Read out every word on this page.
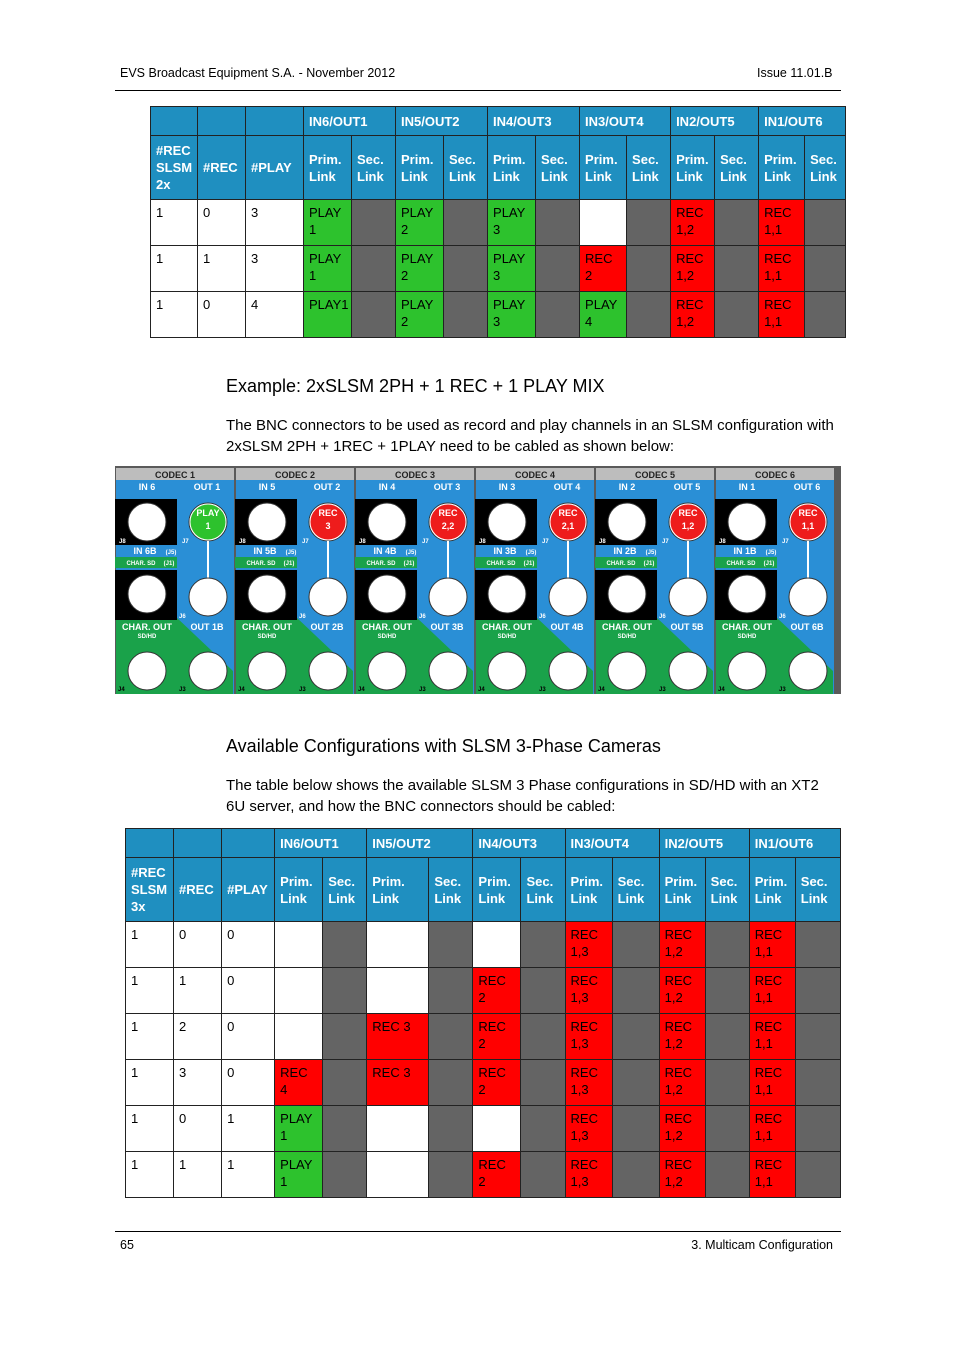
EVS Broadcast Equipment S.A. - November 2012	Issue 11.01.B
			IN6/OUT1		IN5/OUT2		IN4/OUT3		IN3/OUT4		IN2/OUT5		IN1/OUT6	
#REC SLSM 2x	#REC	#PLAY	Prim. Link	Sec. Link	Prim. Link	Sec. Link	Prim. Link	Sec. Link	Prim. Link	Sec. Link	Prim. Link	Sec. Link	Prim. Link	Sec. Link
1	0	3	PLAY 1		PLAY 2		PLAY 3				REC 1,2		REC 1,1	
1	1	3	PLAY 1		PLAY 2		PLAY 3		REC 2		REC 1,2		REC 1,1	
1	0	4	PLAY1		PLAY 2		PLAY 3		PLAY 4		REC 1,2		REC 1,1	
Example: 2xSLSM 2PH + 1 REC + 1 PLAY MIX

The BNC connectors to be used as record and play channels in an SLSM configuration with 2xSLSM 2PH + 1REC + 1PLAY need to be cabled as shown below:

CODEC 1
IN 6	OUT 1
J8	J7
PLAY
1
IN 6B (J5)
CHAR. SD (J1)
J6
CHAR. OUT
SD/HD
OUT 1B
J4	J3
CODEC 2
IN 5	OUT 2
J8	J7
REC
3
IN 5B (J5)
CHAR. SD (J1)
J6
CHAR. OUT
SD/HD
OUT 2B
J4	J3
CODEC 3
IN 4	OUT 3
J8	J7
REC
2,2
IN 4B (J5)
CHAR. SD (J1)
J6
CHAR. OUT
SD/HD
OUT 3B
J4	J3
CODEC 4
IN 3	OUT 4
J8	J7
REC
2,1
IN 3B (J5)
CHAR. SD (J1)
J6
CHAR. OUT
SD/HD
OUT 4B
J4	J3
CODEC 5
IN 2	OUT 5
J8	J7
REC
1,2
IN 2B (J5)
CHAR. SD (J1)
J6
CHAR. OUT
SD/HD
OUT 5B
J4	J3
CODEC 6
IN 1	OUT 6
J8	J7
REC
1,1
IN 1B (J5)
CHAR. SD (J1)
J6
CHAR. OUT
SD/HD
OUT 6B
J4	J3
Available Configurations with SLSM 3-Phase Cameras

The table below shows the available SLSM 3 Phase configurations in SD/HD with an XT2 6U server, and how the BNC connectors should be cabled:

			IN6/OUT1		IN5/OUT2		IN4/OUT3		IN3/OUT4		IN2/OUT5		IN1/OUT6	
#REC SLSM 3x	#REC	#PLAY	Prim. Link	Sec. Link	Prim. Link	Sec. Link	Prim. Link	Sec. Link	Prim. Link	Sec. Link	Prim. Link	Sec. Link	Prim. Link	Sec. Link
1	0	0							REC 1,3		REC 1,2		REC 1,1	
1	1	0					REC 2		REC 1,3		REC 1,2		REC 1,1	
1	2	0			REC 3		REC 2		REC 1,3		REC 1,2		REC 1,1	
1	3	0	REC 4		REC 3		REC 2		REC 1,3		REC 1,2		REC 1,1	
1	0	1	PLAY 1						REC 1,3		REC 1,2		REC 1,1	
1	1	1	PLAY 1				REC 2		REC 1,3		REC 1,2		REC 1,1	
65	3. Multicam Configuration
